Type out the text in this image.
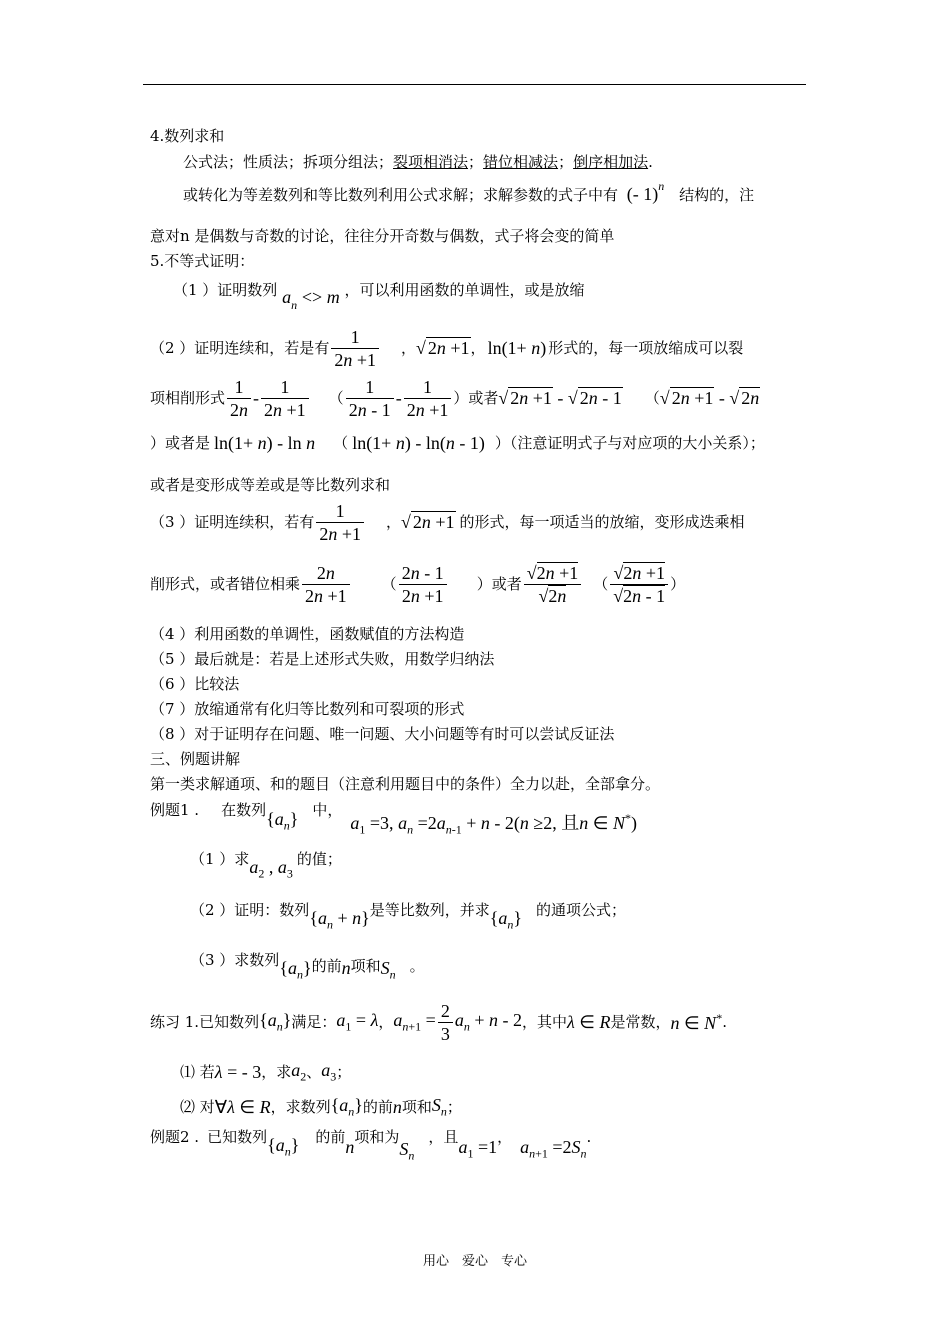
4.数列求和
公式法；性质法；拆项分组法；裂项相消法；错位相减法；倒序相加法.
或转化为等差数列和等比数列利用公式求解；求解参数的式子中有 (- 1)$^n$ 结构的，注
意对n 是偶数与奇数的讨论，往往分开奇数与偶数，式子将会变的简单
5.不等式证明：
（1 ）证明数列 $a_n <> m$ ，可以利用函数的单调性，或是放缩
（2 ）证明连续和，若是有 $\frac{1}{2n +1}$ ， √ 2n +1 ， ln(1+ n) 形式的，每一项放缩成可以裂
项相削形式 $\frac{1}{2n} - \frac{1}{2n +1}$ （ $\frac{1}{2n - 1} - \frac{1}{2n +1}$ ）或者 √ 2n +1 - √ 2n - 1 （ √ 2n +1 - √ 2n
）或者是 ln(1+ n) - ln n （ ln(1+ n) - ln(n - 1) ）（注意证明式子与对应项的大小关系）；
或者是变形成等差或是等比数列求和
（3 ）证明连续积，若有 $\frac{1}{2n +1}$ ， √ 2n +1 的形式，每一项适当的放缩，变形成迭乘相
削形式，或者错位相乘 $\frac{2n}{2n +1}$ （ $\frac{2n - 1}{2n +1}$ ）或者 $\frac{√2n +1}{√2n}$ （ $\frac{√2n +1}{√2n - 1}$ ）
（4 ）利用函数的单调性，函数赋值的方法构造
（5 ）最后就是：若是上述形式失败，用数学归纳法
（6 ）比较法
（7 ）放缩通常有化归等比数列和可裂项的形式
（8 ）对于证明存在问题、唯一问题、大小问题等有时可以尝试反证法
三、例题讲解
第一类求解通项、和的题目（注意利用题目中的条件）全力以赴，全部拿分。
例题1 . 在数列 $\{a_n\}$ 中，
$a_1 =3$, $a_n =2a_{n-1} + n - 2(n \ge 2$, 且n ∈ N*)
（1 ）求 $a_2$ , $a_3$
的值；
（2 ）证明：数列 $\{a_n + n\}$ 是等比数列，并求 $\{a_n\}$ 的通项公式；
（3 ）求数列 $\{a_n\}$ 的前 n 项和 $S_n$ 。
练习 1. 已知数列 $\{a_n\}$ 满足： $a_1 = \lambda$ ， $a_{n+1} = \frac{2}{3} a_n + n - 2$ ，其中 λ ∈ R 是常数， n ∈ N* .
⑴ 若 λ = - 3 ，求 $a_2$ 、 $a_3$ ；
⑵ 对 ∀λ ∈ R ，求数列 $\{a_n\}$ 的前 n 项和 $S_n$ ；
例题2 . 已知数列 $\{a_n\}$ 的前 n 项和为
$S_n$
，且 $a_1 =1$ ， $a_{n+1} =2S_n$
.
用心　爱心　专心
